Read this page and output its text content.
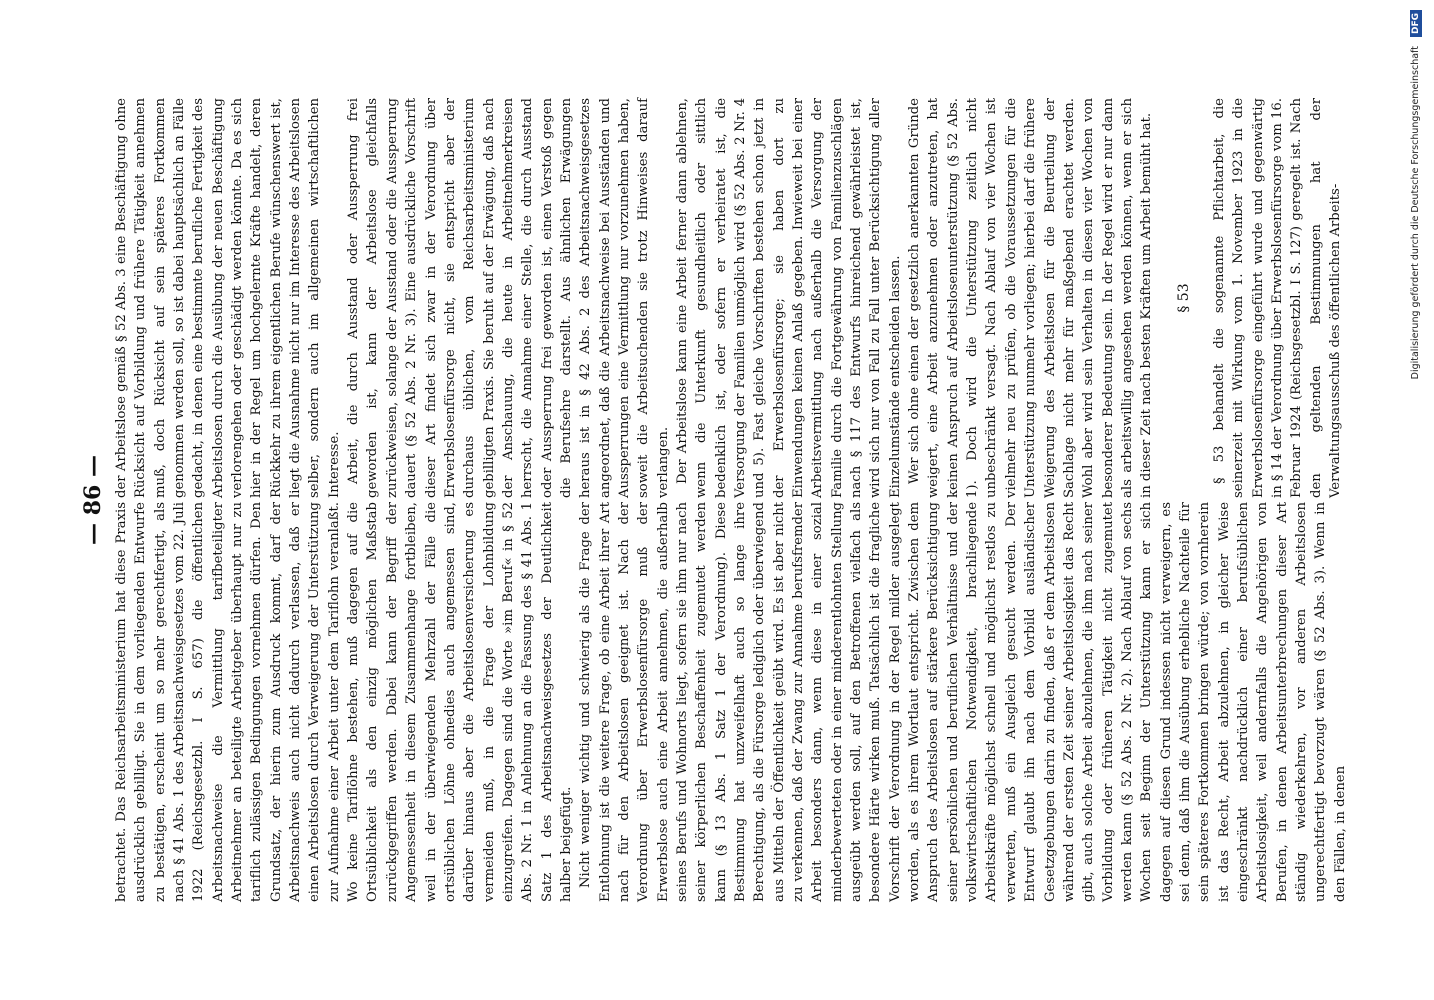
— 86 —

betrachtet. Das Reichsarbeitsministerium hat diese Praxis ausdrücklich gebilligt. Sie in dem vorliegenden Entwurfe zu bestätigen, erscheint um so mehr gerechtfertigt, als nach § 41 Abs. 1 des Arbeitsnachweisgesetzes vom 22. Juli 1922 (Reichsgesetzbl. I S. 657) die öffentlichen Arbeitsnachweise die Vermittlung tarifbeteiligter Arbeitnehmer an beteiligte Arbeitgeber überhaupt nur zu tariflich zulässigen Bedingungen vornehmen dürfen. Den Grundsatz, der hierin zum Ausdruck kommt, darf der Arbeitsnachweis auch nicht dadurch verlassen, daß er einen Arbeitslosen durch Verweigerung der Unterstützung zur Aufnahme einer Arbeit unter dem Tariflohn veranlaßt. Wo keine Tariflöhne bestehen, muß dagegen auf die Ortsüblichkeit als den einzig möglichen Maßstab zurückgegriffen werden. Dabei kann der Begriff der Angemessenheit in diesem Zusammenhange fortbleiben, weil in der überwiegenden Mehrzahl der Fälle die ortsüblichen Löhne ohnedies auch angemessen sind, darüber hinaus aber die Arbeitslosenversicherung es vermeiden muß, in die Frage der Lohnbildung einzugreifen. Dagegen sind die Worte »im Beruf« in § 52 Abs. 2 Nr. 1 in Anlehnung an die Fassung des § 41 Abs. 1 Satz 1 des Arbeitsnachweisgesetzes der Deutlichkeit halber beigefügt. Nicht weniger wichtig und schwierig als die Frage der Entlohnung ist die weitere Frage, ob eine Arbeit ihrer Art nach für den Arbeitslosen geeignet ist. Nach der Verordnung über Erwerbslosenfürsorge muß der Erwerbslose auch eine Arbeit annehmen, die außerhalb seines Berufs und Wohnorts liegt, sofern sie ihm nur nach seiner körperlichen Beschaffenheit zugemutet werden kann (§ 13 Abs. 1 Satz 1 der Verordnung). Diese Bestimmung hat unzweifelhaft auch so lange ihre Berechtigung, als die Fürsorge lediglich oder überwiegend aus Mitteln der Öffentlichkeit geübt wird. Es ist aber nicht zu verkennen, daß der Zwang zur Annahme berufsfremder Arbeit besonders dann, wenn diese in einer sozial minderbewerteten oder in einer minderentlohnten Stellung ausgeübt werden soll, auf den Betroffenen vielfach als besondere Härte wirken muß. Tatsächlich ist die fragliche Vorschrift der Verordnung in der Regel milder ausgelegt worden, als es ihrem Wortlaut entspricht. Zwischen dem Anspruch des Arbeitslosen auf stärkere Berücksichtigung seiner persönlichen und beruflichen Verhältnisse und der volkswirtschaftlichen Notwendigkeit, brachliegende Arbeitskräfte möglichst schnell und möglichst restlos zu verwerten, muß ein Ausgleich gesucht werden. Der Entwurf glaubt ihn nach dem Vorbild ausländischer Gesetzgebungen darin zu finden, daß er dem Arbeitslosen während der ersten Zeit seiner Arbeitslosigkeit das Recht gibt, auch solche Arbeit abzulehnen, die ihm nach seiner Vorbildung oder früheren Tätigkeit nicht zugemutet werden kann (§ 52 Abs. 2 Nr. 2). Nach Ablauf von sechs Wochen seit Beginn der Unterstützung kann er sich dagegen auf diesen Grund indessen nicht verweigern, es sei denn, daß ihm die Ausübung erhebliche Nachteile für sein späteres Fortkommen bringen würde; von vornherein ist das Recht, Arbeit abzulehnen, in gleicher Weise eingeschränkt nachdrücklich einer berufsüblichen Arbeitslosigkeit, weil andernfalls die Angehörigen von Berufen, in denen Arbeitsunterbrechungen dieser Art ständig wiederkehren, vor anderen Arbeitslosen ungerechtfertigt bevorzugt wären (§ 52 Abs. 3). Wenn in den Fällen, in denen

der Arbeitslose gemäß § 52 Abs. 3 eine Beschäftigung ohne Rücksicht auf Vorbildung und frühere Tätigkeit annehmen muß, doch Rücksicht auf sein späteres Fortkommen genommen werden soll, so ist dabei hauptsächlich an Fälle gedacht, in denen eine bestimmte berufliche Fertigkeit des Arbeitslosen durch die Ausübung der neuen Beschäftigung verlorengehen oder geschädigt werden könnte. Da es sich hier in der Regel um hochgelernte Kräfte handelt, deren Rückkehr zu ihrem eigentlichen Berufe wünschenswert ist, liegt die Ausnahme nicht nur im Interesse des Arbeitslosen selber, sondern auch im allgemeinen wirtschaftlichen Interesse. Arbeit, die durch Ausstand oder Aussperrung frei geworden ist, kann der Arbeitslose gleichfalls zurückweisen, solange der Ausstand oder die Aussperrung dauert (§ 52 Abs. 2 Nr. 3). Eine ausdrückliche Vorschrift dieser Art findet sich zwar in der Verordnung über Erwerbslosenfürsorge nicht, sie entspricht aber der durchaus üblichen, vom Reichsarbeitsministerium gebilligten Praxis. Sie beruht auf der Erwägung, daß nach der Anschauung, die heute in Arbeitnehmerkreisen herrscht, die Annahme einer Stelle, die durch Ausstand oder Aussperrung frei geworden ist, einen Verstoß gegen die Berufsehre darstellt. Aus ähnlichen Erwägungen heraus ist in § 42 Abs. 2 des Arbeitsnachweisgesetzes angeordnet, daß die Arbeitsnachweise bei Ausständen und Aussperrungen eine Vermittlung nur vorzunehmen haben, soweit die Arbeitsuchenden sie trotz Hinweises darauf verlangen. Der Arbeitslose kann eine Arbeit ferner dann ablehnen, wenn die Unterkunft gesundheitlich oder sittlich bedenklich ist, oder sofern er verheiratet ist, die Versorgung der Familien unmöglich wird (§ 52 Abs. 2 Nr. 4 und 5). Fast gleiche Vorschriften bestehen schon jetzt in der Erwerbslosenfürsorge; sie haben dort zu Einwendungen keinen Anlaß gegeben. Inwieweit bei einer Arbeitsvermittlung nach außerhalb die Versorgung der Familie durch die Fortgewährung von Familienzuschlägen nach § 117 des Entwurfs hinreichend gewährleistet ist, wird sich nur von Fall zu Fall unter Berücksichtigung aller Einzelumstände entscheiden lassen. Wer sich ohne einen der gesetzlich anerkannten Gründe weigert, eine Arbeit anzunehmen oder anzutreten, hat keinen Anspruch auf Arbeitslosenunterstützung (§ 52 Abs. 1). Doch wird die Unterstützung zeitlich nicht unbeschränkt versagt. Nach Ablauf von vier Wochen ist vielmehr neu zu prüfen, ob die Voraussetzungen für die Unterstützung nunmehr vorliegen; hierbei darf die frühere Weigerung des Arbeitslosen für die Beurteilung der Sachlage nicht mehr für maßgebend erachtet werden. Wohl aber wird sein Verhalten in diesen vier Wochen von besonderer Bedeutung sein. In der Regel wird er nur dann als arbeitswillig angesehen werden können, wenn er sich in dieser Zeit nach besten Kräften um Arbeit bemüht hat. § 53 § 53 behandelt die sogenannte Pflichtarbeit, die seinerzeit mit Wirkung vom 1. November 1923 in die Erwerbslosenfürsorge eingeführt wurde und gegenwärtig in § 14 der Verordnung über Erwerbslosenfürsorge vom 16. Februar 1924 (Reichsgesetzbl. I S. 127) geregelt ist. Nach den geltenden Bestimmungen hat der Verwaltungsausschuß des öffentlichen Arbeits-	Digitalisierung gefördert durch die Deutsche Forschungsgemeinschaft DFG
